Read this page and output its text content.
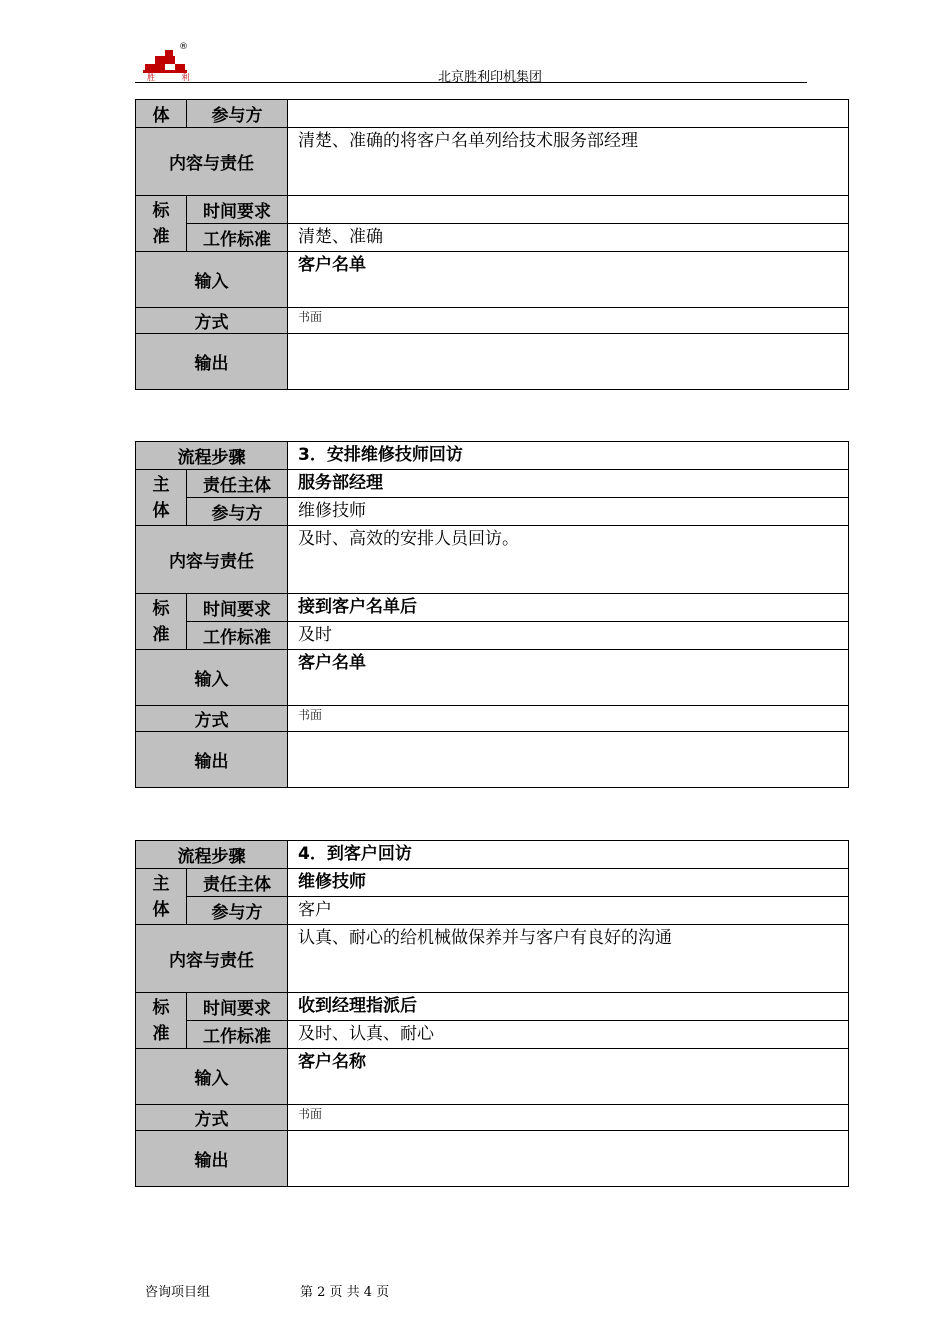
®
胜 利	北京胜利印机集团
体	参与方	
内容与责任		清楚、准确的将客户名单列给技术服务部经理
标准	时间要求	
	工作标准	清楚、准确
输入		客户名单
方式		书面
输出		
流程步骤		3．安排维修技师回访
主体	责任主体	服务部经理
	参与方	维修技师
内容与责任		及时、高效的安排人员回访。
标准	时间要求	接到客户名单后
	工作标准	及时
输入		客户名单
方式		书面
输出		
流程步骤		4．到客户回访
主体	责任主体	维修技师
	参与方	客户
内容与责任		认真、耐心的给机械做保养并与客户有良好的沟通
标准	时间要求	收到经理指派后
	工作标准	及时、认真、耐心
输入		客户名称
方式		书面
输出		
咨询项目组	第 2 页 共 4 页
